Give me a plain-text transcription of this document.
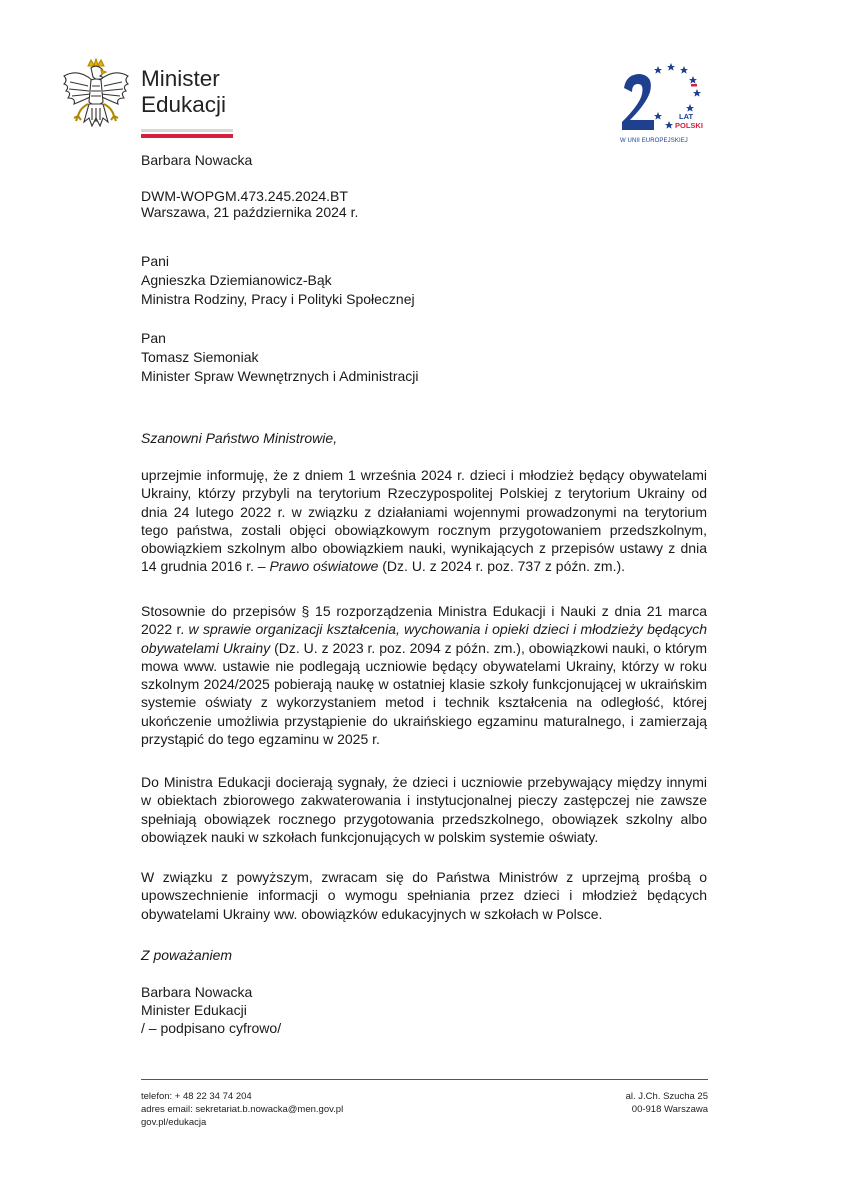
Minister
Edukacji	LAT
POLSKI
W UNII EUROPEJSKIEJ
Barbara Nowacka
DWM-WOPGM.473.245.2024.BT
Warszawa, 21 października 2024 r.
Pani
Agnieszka Dziemianowicz-Bąk
Ministra Rodziny, Pracy i Polityki Społecznej
Pan
Tomasz Siemoniak
Minister Spraw Wewnętrznych i Administracji
Szanowni Państwo Ministrowie,
uprzejmie informuję, że z dniem 1 września 2024 r. dzieci i młodzież będący obywatelami Ukrainy, którzy przybyli na terytorium Rzeczypospolitej Polskiej z terytorium Ukrainy od dnia 24 lutego 2022 r. w związku z działaniami wojennymi prowadzonymi na terytorium tego państwa, zostali objęci obowiązkowym rocznym przygotowaniem przedszkolnym, obowiązkiem szkolnym albo obowiązkiem nauki, wynikających z przepisów ustawy z dnia 14 grudnia 2016 r. – Prawo oświatowe (Dz. U. z 2024 r. poz. 737 z późn. zm.).
Stosownie do przepisów § 15 rozporządzenia Ministra Edukacji i Nauki z dnia 21 marca 2022 r. w sprawie organizacji kształcenia, wychowania i opieki dzieci i młodzieży będących obywatelami Ukrainy (Dz. U. z 2023 r. poz. 2094 z późn. zm.), obowiązkowi nauki, o którym mowa www. ustawie nie podlegają uczniowie będący obywatelami Ukrainy, którzy w roku szkolnym 2024/2025 pobierają naukę w ostatniej klasie szkoły funkcjonującej w ukraińskim systemie oświaty z wykorzystaniem metod i technik kształcenia na odległość, której ukończenie umożliwia przystąpienie do ukraińskiego egzaminu maturalnego, i zamierzają przystąpić do tego egzaminu w 2025 r.
Do Ministra Edukacji docierają sygnały, że dzieci i uczniowie przebywający między innymi w obiektach zbiorowego zakwaterowania i instytucjonalnej pieczy zastępczej nie zawsze spełniają obowiązek rocznego przygotowania przedszkolnego, obowiązek szkolny albo obowiązek nauki w szkołach funkcjonujących w polskim systemie oświaty.
W związku z powyższym, zwracam się do Państwa Ministrów z uprzejmą prośbą o upowszechnienie informacji o wymogu spełniania przez dzieci i młodzież będących obywatelami Ukrainy ww. obowiązków edukacyjnych w szkołach w Polsce.
Z poważaniem
Barbara Nowacka
Minister Edukacji
/ – podpisano cyfrowo/
telefon: + 48 22 34 74 204
adres email: sekretariat.b.nowacka@men.gov.pl
gov.pl/edukacja
al. J.Ch. Szucha 25
00-918 Warszawa
